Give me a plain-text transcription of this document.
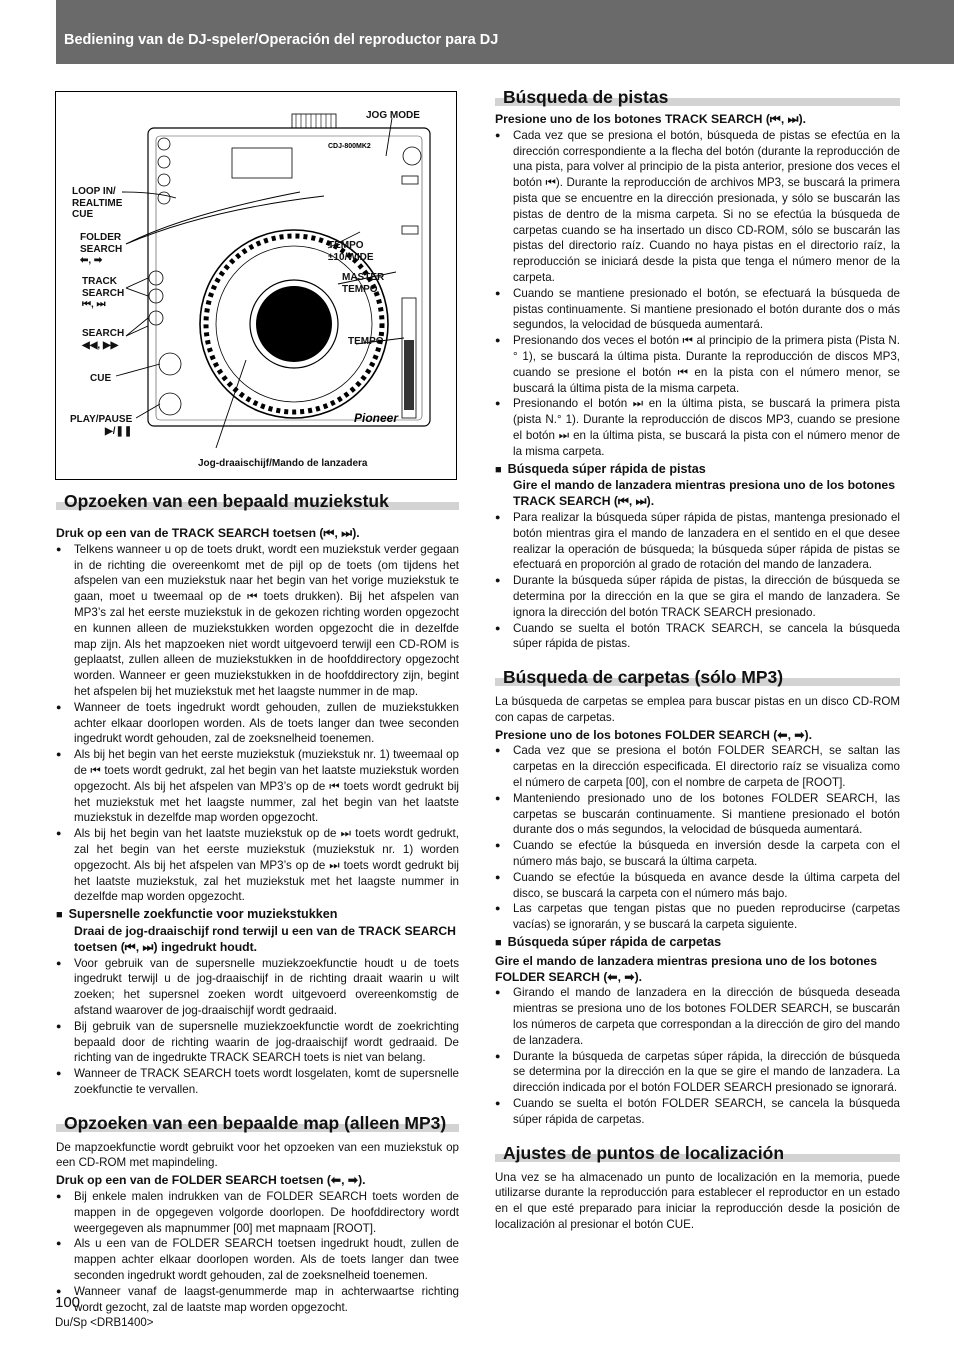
Bediening van de DJ-speler/Operación del reproductor para DJ
CDJ-800MK2
Pioneer
JOG MODE
LOOP IN/
REALTIME
CUE
FOLDER
SEARCH
⬅, ➡
TRACK
SEARCH
⏮, ⏭
SEARCH
◀◀, ▶▶
CUE
PLAY/PAUSE
▶/❚❚
TEMPO
±10/WIDE
MASTER
TEMPO
TEMPO
Jog-draaischijf/Mando de lanzadera
Opzoeken van een bepaald muziekstuk
Druk op een van de TRACK SEARCH toetsen (⏮, ⏭).
●	Telkens wanneer u op de toets drukt, wordt een muziekstuk verder gegaan in de richting die overeenkomt met de pijl op de toets (om tijdens het afspelen van een muziekstuk naar het begin van het vorige muziekstuk te gaan, moet u tweemaal op de ⏮ toets drukken). Bij het afspelen van MP3’s zal het eerste muziekstuk in de gekozen richting worden opgezocht en kunnen alleen de muziekstukken worden opgezocht die in dezelfde map zijn. Als het mapzoeken niet wordt uitgevoerd terwijl een CD-ROM is geplaatst, zullen alleen de muziekstukken in de hoofddirectory opgezocht worden. Wanneer er geen muziekstukken in de hoofddirectory zijn, begint het afspelen bij het muziekstuk met het laagste nummer in de map.
●	Wanneer de toets ingedrukt wordt gehouden, zullen de muziekstukken achter elkaar doorlopen worden. Als de toets langer dan twee seconden ingedrukt wordt gehouden, zal de zoeksnelheid toenemen.
●	Als bij het begin van het eerste muziekstuk (muziekstuk nr. 1) tweemaal op de ⏮ toets wordt gedrukt, zal het begin van het laatste muziekstuk worden opgezocht. Als bij het afspelen van MP3’s op de ⏮ toets wordt gedrukt bij het muziekstuk met het laagste nummer, zal het begin van het laatste muziekstuk in dezelfde map worden opgezocht.
●	Als bij het begin van het laatste muziekstuk op de ⏭ toets wordt gedrukt, zal het begin van het eerste muziekstuk (muziekstuk nr. 1) worden opgezocht. Als bij het afspelen van MP3’s op de ⏭ toets wordt gedrukt bij het laatste muziekstuk, zal het muziekstuk met het laagste nummer in dezelfde map worden opgezocht.
■ Supersnelle zoekfunctie voor muziekstukken
Draai de jog-draaischijf rond terwijl u een van de TRACK SEARCH toetsen (⏮, ⏭) ingedrukt houdt.
●	Voor gebruik van de supersnelle muziekzoekfunctie houdt u de toets ingedrukt terwijl u de jog-draaischijf in de richting draait waarin u wilt zoeken; het supersnel zoeken wordt uitgevoerd overeenkomstig de afstand waarover de jog-draaischijf wordt gedraaid.
●	Bij gebruik van de supersnelle muziekzoekfunctie wordt de zoekrichting bepaald door de richting waarin de jog-draaischijf wordt gedraaid. De richting van de ingedrukte TRACK SEARCH toets is niet van belang.
●	Wanneer de TRACK SEARCH toets wordt losgelaten, komt de supersnelle zoekfunctie te vervallen.
Opzoeken van een bepaalde map (alleen MP3)

De mapzoekfunctie wordt gebruikt voor het opzoeken van een muziekstuk op een CD-ROM met mapindeling.

Druk op een van de FOLDER SEARCH toetsen (⬅, ➡).
●	Bij enkele malen indrukken van de FOLDER SEARCH toets worden de mappen in de opgegeven volgorde doorlopen. De hoofddirectory wordt weergegeven als mapnummer [00] met mapnaam [ROOT].
●	Als u een van de FOLDER SEARCH toetsen ingedrukt houdt, zullen de mappen achter elkaar doorlopen worden. Als de toets langer dan twee seconden ingedrukt wordt gehouden, zal de zoeksnelheid toenemen.
●	Wanneer vanaf de laagst-genummerde map in achterwaartse richting wordt gezocht, zal de laatste map worden opgezocht.
Búsqueda de pistas
Presione uno de los botones TRACK SEARCH (⏮, ⏭).
●	Cada vez que se presiona el botón, búsqueda de pistas se efectúa en la dirección correspondiente a la flecha del botón (durante la reproducción de una pista, para volver al principio de la pista anterior, presione dos veces el botón ⏮). Durante la reproducción de archivos MP3, se buscará la primera pista que se encuentre en la dirección presionada, y sólo se buscarán las pistas de dentro de la misma carpeta. Si no se efectúa la búsqueda de carpetas cuando se ha insertado un disco CD-ROM, sólo se buscarán las pistas del directorio raíz. Cuando no haya pistas en el directorio raíz, la reproducción se iniciará desde la pista que tenga el número menor de la carpeta.
●	Cuando se mantiene presionado el botón, se efectuará la búsqueda de pistas continuamente. Si mantiene presionado el botón durante dos o más segundos, la velocidad de búsqueda aumentará.
●	Presionando dos veces el botón ⏮ al principio de la primera pista (Pista N.° 1), se buscará la última pista. Durante la reproducción de discos MP3, cuando se presione el botón ⏮ en la pista con el número menor, se buscará la última pista de la misma carpeta.
●	Presionando el botón ⏭ en la última pista, se buscará la primera pista (pista N.° 1). Durante la reproducción de discos MP3, cuando se presione el botón ⏭ en la última pista, se buscará la pista con el número menor de la misma carpeta.
■ Búsqueda súper rápida de pistas
Gire el mando de lanzadera mientras presiona uno de los botones TRACK SEARCH (⏮, ⏭).
●	Para realizar la búsqueda súper rápida de pistas, mantenga presionado el botón mientras gira el mando de lanzadera en el sentido en el que desee realizar la operación de búsqueda; la búsqueda súper rápida de pistas se efectuará en proporción al grado de rotación del mando de lanzadera.
●	Durante la búsqueda súper rápida de pistas, la dirección de búsqueda se determina por la dirección en la que se gira el mando de lanzadera. Se ignora la dirección del botón TRACK SEARCH presionado.
●	Cuando se suelta el botón TRACK SEARCH, se cancela la búsqueda súper rápida de pistas.
Búsqueda de carpetas (sólo MP3)

La búsqueda de carpetas se emplea para buscar pistas en un disco CD-ROM con capas de carpetas.

Presione uno de los botones FOLDER SEARCH (⬅, ➡).
●	Cada vez que se presiona el botón FOLDER SEARCH, se saltan las carpetas en la dirección especificada. El directorio raíz se visualiza como el número de carpeta [00], con el nombre de carpeta de [ROOT].
●	Manteniendo presionado uno de los botones FOLDER SEARCH, las carpetas se buscarán continuamente. Si mantiene presionado el botón durante dos o más segundos, la velocidad de búsqueda aumentará.
●	Cuando se efectúe la búsqueda en inversión desde la carpeta con el número más bajo, se buscará la última carpeta.
●	Cuando se efectúe la búsqueda en avance desde la última carpeta del disco, se buscará la carpeta con el número más bajo.
●	Las carpetas que tengan pistas que no pueden reproducirse (carpetas vacías) se ignorarán, y se buscará la carpeta siguiente.
■ Búsqueda súper rápida de carpetas
Gire el mando de lanzadera mientras presiona uno de los botones FOLDER SEARCH (⬅, ➡).
●	Girando el mando de lanzadera en la dirección de búsqueda deseada mientras se presiona uno de los botones FOLDER SEARCH, se buscarán los números de carpeta que correspondan a la dirección de giro del mando de lanzadera.
●	Durante la búsqueda de carpetas súper rápida, la dirección de búsqueda se determina por la dirección en la que se gire el mando de lanzadera. La dirección indicada por el botón FOLDER SEARCH presionado se ignorará.
●	Cuando se suelta el botón FOLDER SEARCH, se cancela la búsqueda súper rápida de carpetas.
Ajustes de puntos de localización

Una vez se ha almacenado un punto de localización en la memoria, puede utilizarse durante la reproducción para establecer el reproductor en un estado en el que esté preparado para iniciar la reproducción desde la posición de localización al presionar el botón CUE.

100
Du/Sp <DRB1400>
